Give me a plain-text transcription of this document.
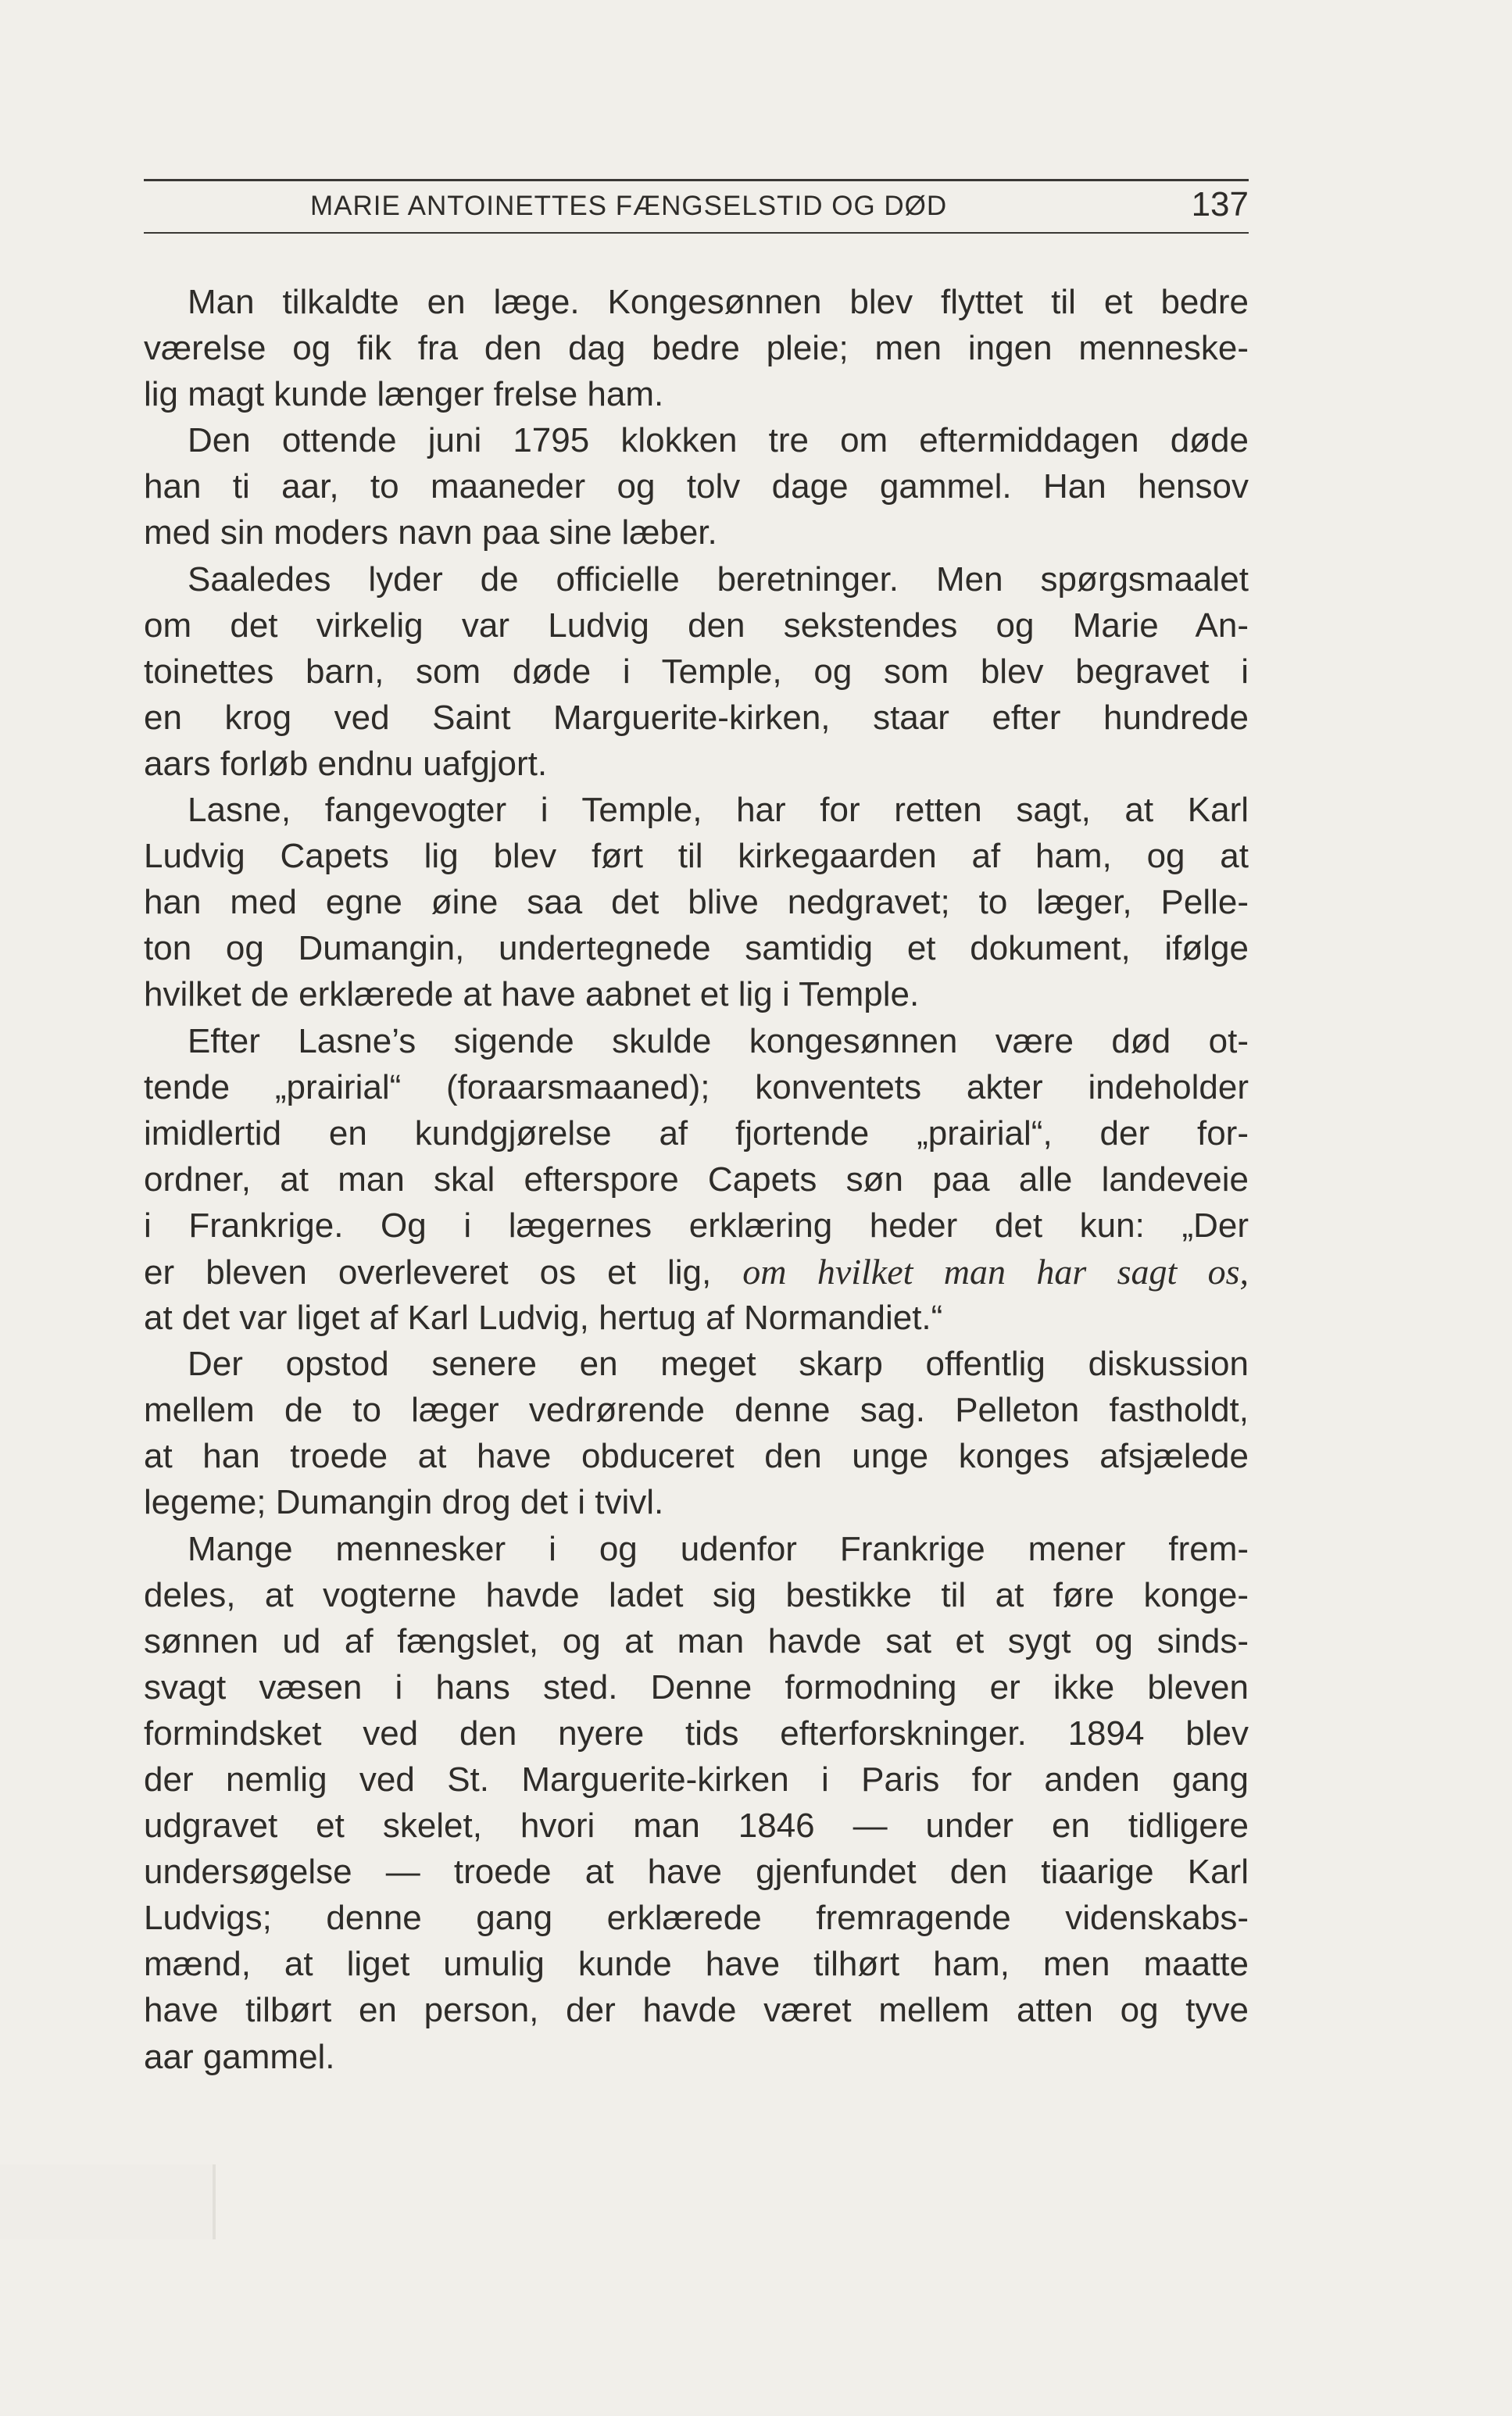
MARIE ANTOINETTES FÆNGSELSTID OG DØD	137

Man tilkaldte en læge. Kongesønnen blev flyttet til et bedre
værelse og fik fra den dag bedre pleie; men ingen menneske-
lig magt kunde længer frelse ham.

Den ottende juni 1795 klokken tre om eftermiddagen døde
han ti aar, to maaneder og tolv dage gammel. Han hensov
med sin moders navn paa sine læber.

Saaledes lyder de officielle beretninger. Men spørgsmaalet
om det virkelig var Ludvig den sekstendes og Marie An-
toinettes barn, som døde i Temple, og som blev begravet i
en krog ved Saint Marguerite-kirken, staar efter hundrede
aars forløb endnu uafgjort.

Lasne, fangevogter i Temple, har for retten sagt, at Karl
Ludvig Capets lig blev ført til kirkegaarden af ham, og at
han med egne øine saa det blive nedgravet; to læger, Pelle-
ton og Dumangin, undertegnede samtidig et dokument, ifølge
hvilket de erklærede at have aabnet et lig i Temple.

Efter Lasne’s sigende skulde kongesønnen være død ot-
tende „prairial“ (foraarsmaaned); konventets akter indeholder
imidlertid en kundgjørelse af fjortende „prairial“, der for-
ordner, at man skal efterspore Capets søn paa alle landeveie
i Frankrige. Og i lægernes erklæring heder det kun: „Der
er bleven overleveret os et lig, om hvilket man har sagt os,
at det var liget af Karl Ludvig, hertug af Normandiet.“

Der opstod senere en meget skarp offentlig diskussion
mellem de to læger vedrørende denne sag. Pelleton fastholdt,
at han troede at have obduceret den unge konges afsjælede
legeme; Dumangin drog det i tvivl.

Mange mennesker i og udenfor Frankrige mener frem-
deles, at vogterne havde ladet sig bestikke til at føre konge-
sønnen ud af fængslet, og at man havde sat et sygt og sinds-
svagt væsen i hans sted. Denne formodning er ikke bleven
formindsket ved den nyere tids efterforskninger. 1894 blev
der nemlig ved St. Marguerite-kirken i Paris for anden gang
udgravet et skelet, hvori man 1846 — under en tidligere
undersøgelse — troede at have gjenfundet den tiaarige Karl
Ludvigs; denne gang erklærede fremragende videnskabs-
mænd, at liget umulig kunde have tilhørt ham, men maatte
have tilbørt en person, der havde været mellem atten og tyve
aar gammel.
